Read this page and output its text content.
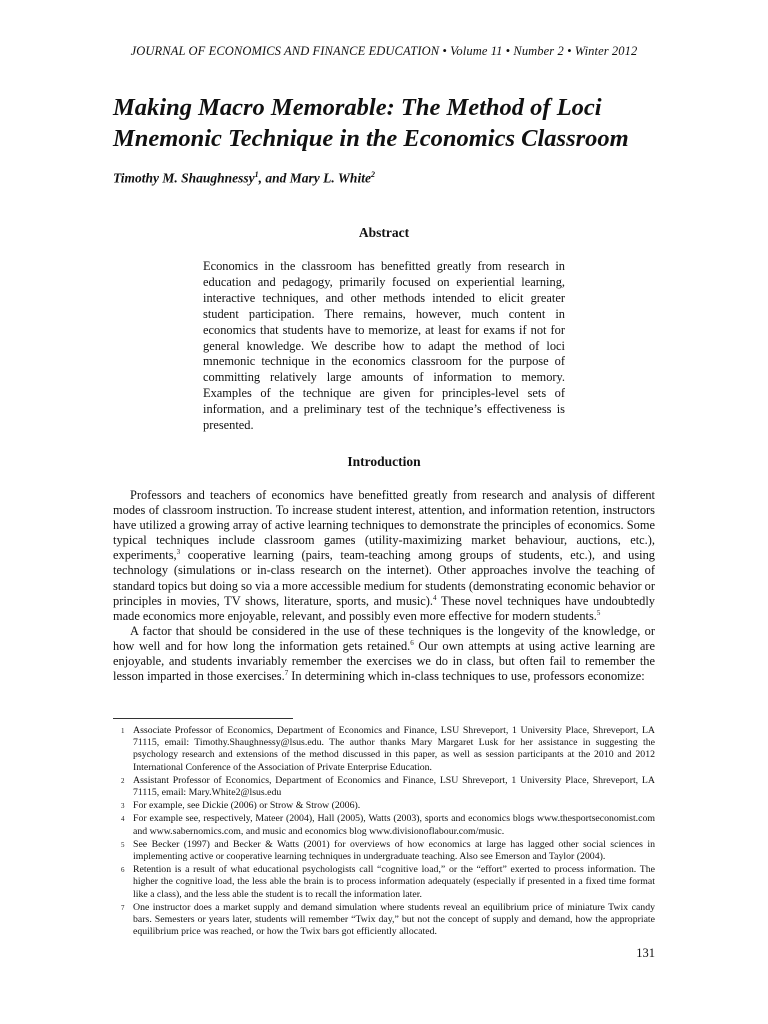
JOURNAL OF ECONOMICS AND FINANCE EDUCATION • Volume 11 • Number 2 • Winter 2012
Making Macro Memorable: The Method of Loci Mnemonic Technique in the Economics Classroom

Timothy M. Shaughnessy$^1$, and Mary L. White$^2$

Abstract

Economics in the classroom has benefitted greatly from research in education and pedagogy, primarily focused on experiential learning, interactive techniques, and other methods intended to elicit greater student participation. There remains, however, much content in economics that students have to memorize, at least for exams if not for general knowledge. We describe how to adapt the method of loci mnemonic technique in the economics classroom for the purpose of committing relatively large amounts of information to memory. Examples of the technique are given for principles-level sets of information, and a preliminary test of the technique’s effectiveness is presented.

Introduction

Professors and teachers of economics have benefitted greatly from research and analysis of different modes of classroom instruction. To increase student interest, attention, and information retention, instructors have utilized a growing array of active learning techniques to demonstrate the principles of economics. Some typical techniques include classroom games (utility-maximizing market behaviour, auctions, etc.), experiments,$^3$ cooperative learning (pairs, team-teaching among groups of students, etc.), and using technology (simulations or in-class research on the internet). Other approaches involve the teaching of standard topics but doing so via a more accessible medium for students (demonstrating economic behavior or principles in movies, TV shows, literature, sports, and music).$^4$ These novel techniques have undoubtedly made economics more enjoyable, relevant, and possibly even more effective for modern students.$^5$

A factor that should be considered in the use of these techniques is the longevity of the knowledge, or how well and for how long the information gets retained.$^6$ Our own attempts at using active learning are enjoyable, and students invariably remember the exercises we do in class, but often fail to remember the lesson imparted in those exercises.$^7$ In determining which in-class techniques to use, professors economize:

1 Associate Professor of Economics, Department of Economics and Finance, LSU Shreveport, 1 University Place, Shreveport, LA 71115, email: Timothy.Shaughnessy@lsus.edu. The author thanks Mary Margaret Lusk for her assistance in suggesting the psychology research and extensions of the method discussed in this paper, as well as session participants at the 2010 and 2012 International Conference of the Association of Private Enterprise Education.

2 Assistant Professor of Economics, Department of Economics and Finance, LSU Shreveport, 1 University Place, Shreveport, LA 71115, email: Mary.White2@lsus.edu

3 For example, see Dickie (2006) or Strow & Strow (2006).

4 For example see, respectively, Mateer (2004), Hall (2005), Watts (2003), sports and economics blogs www.thesportseconomist.com and www.sabernomics.com, and music and economics blog www.divisionoflabour.com/music.

5 See Becker (1997) and Becker & Watts (2001) for overviews of how economics at large has lagged other social sciences in implementing active or cooperative learning techniques in undergraduate teaching. Also see Emerson and Taylor (2004).

6 Retention is a result of what educational psychologists call “cognitive load,” or the “effort” exerted to process information. The higher the cognitive load, the less able the brain is to process information adequately (especially if presented in a fixed time format like a class), and the less able the student is to recall the information later.

7 One instructor does a market supply and demand simulation where students reveal an equilibrium price of miniature Twix candy bars. Semesters or years later, students will remember “Twix day,” but not the concept of supply and demand, how the appropriate equilibrium price was reached, or how the Twix bars got efficiently allocated.

131
